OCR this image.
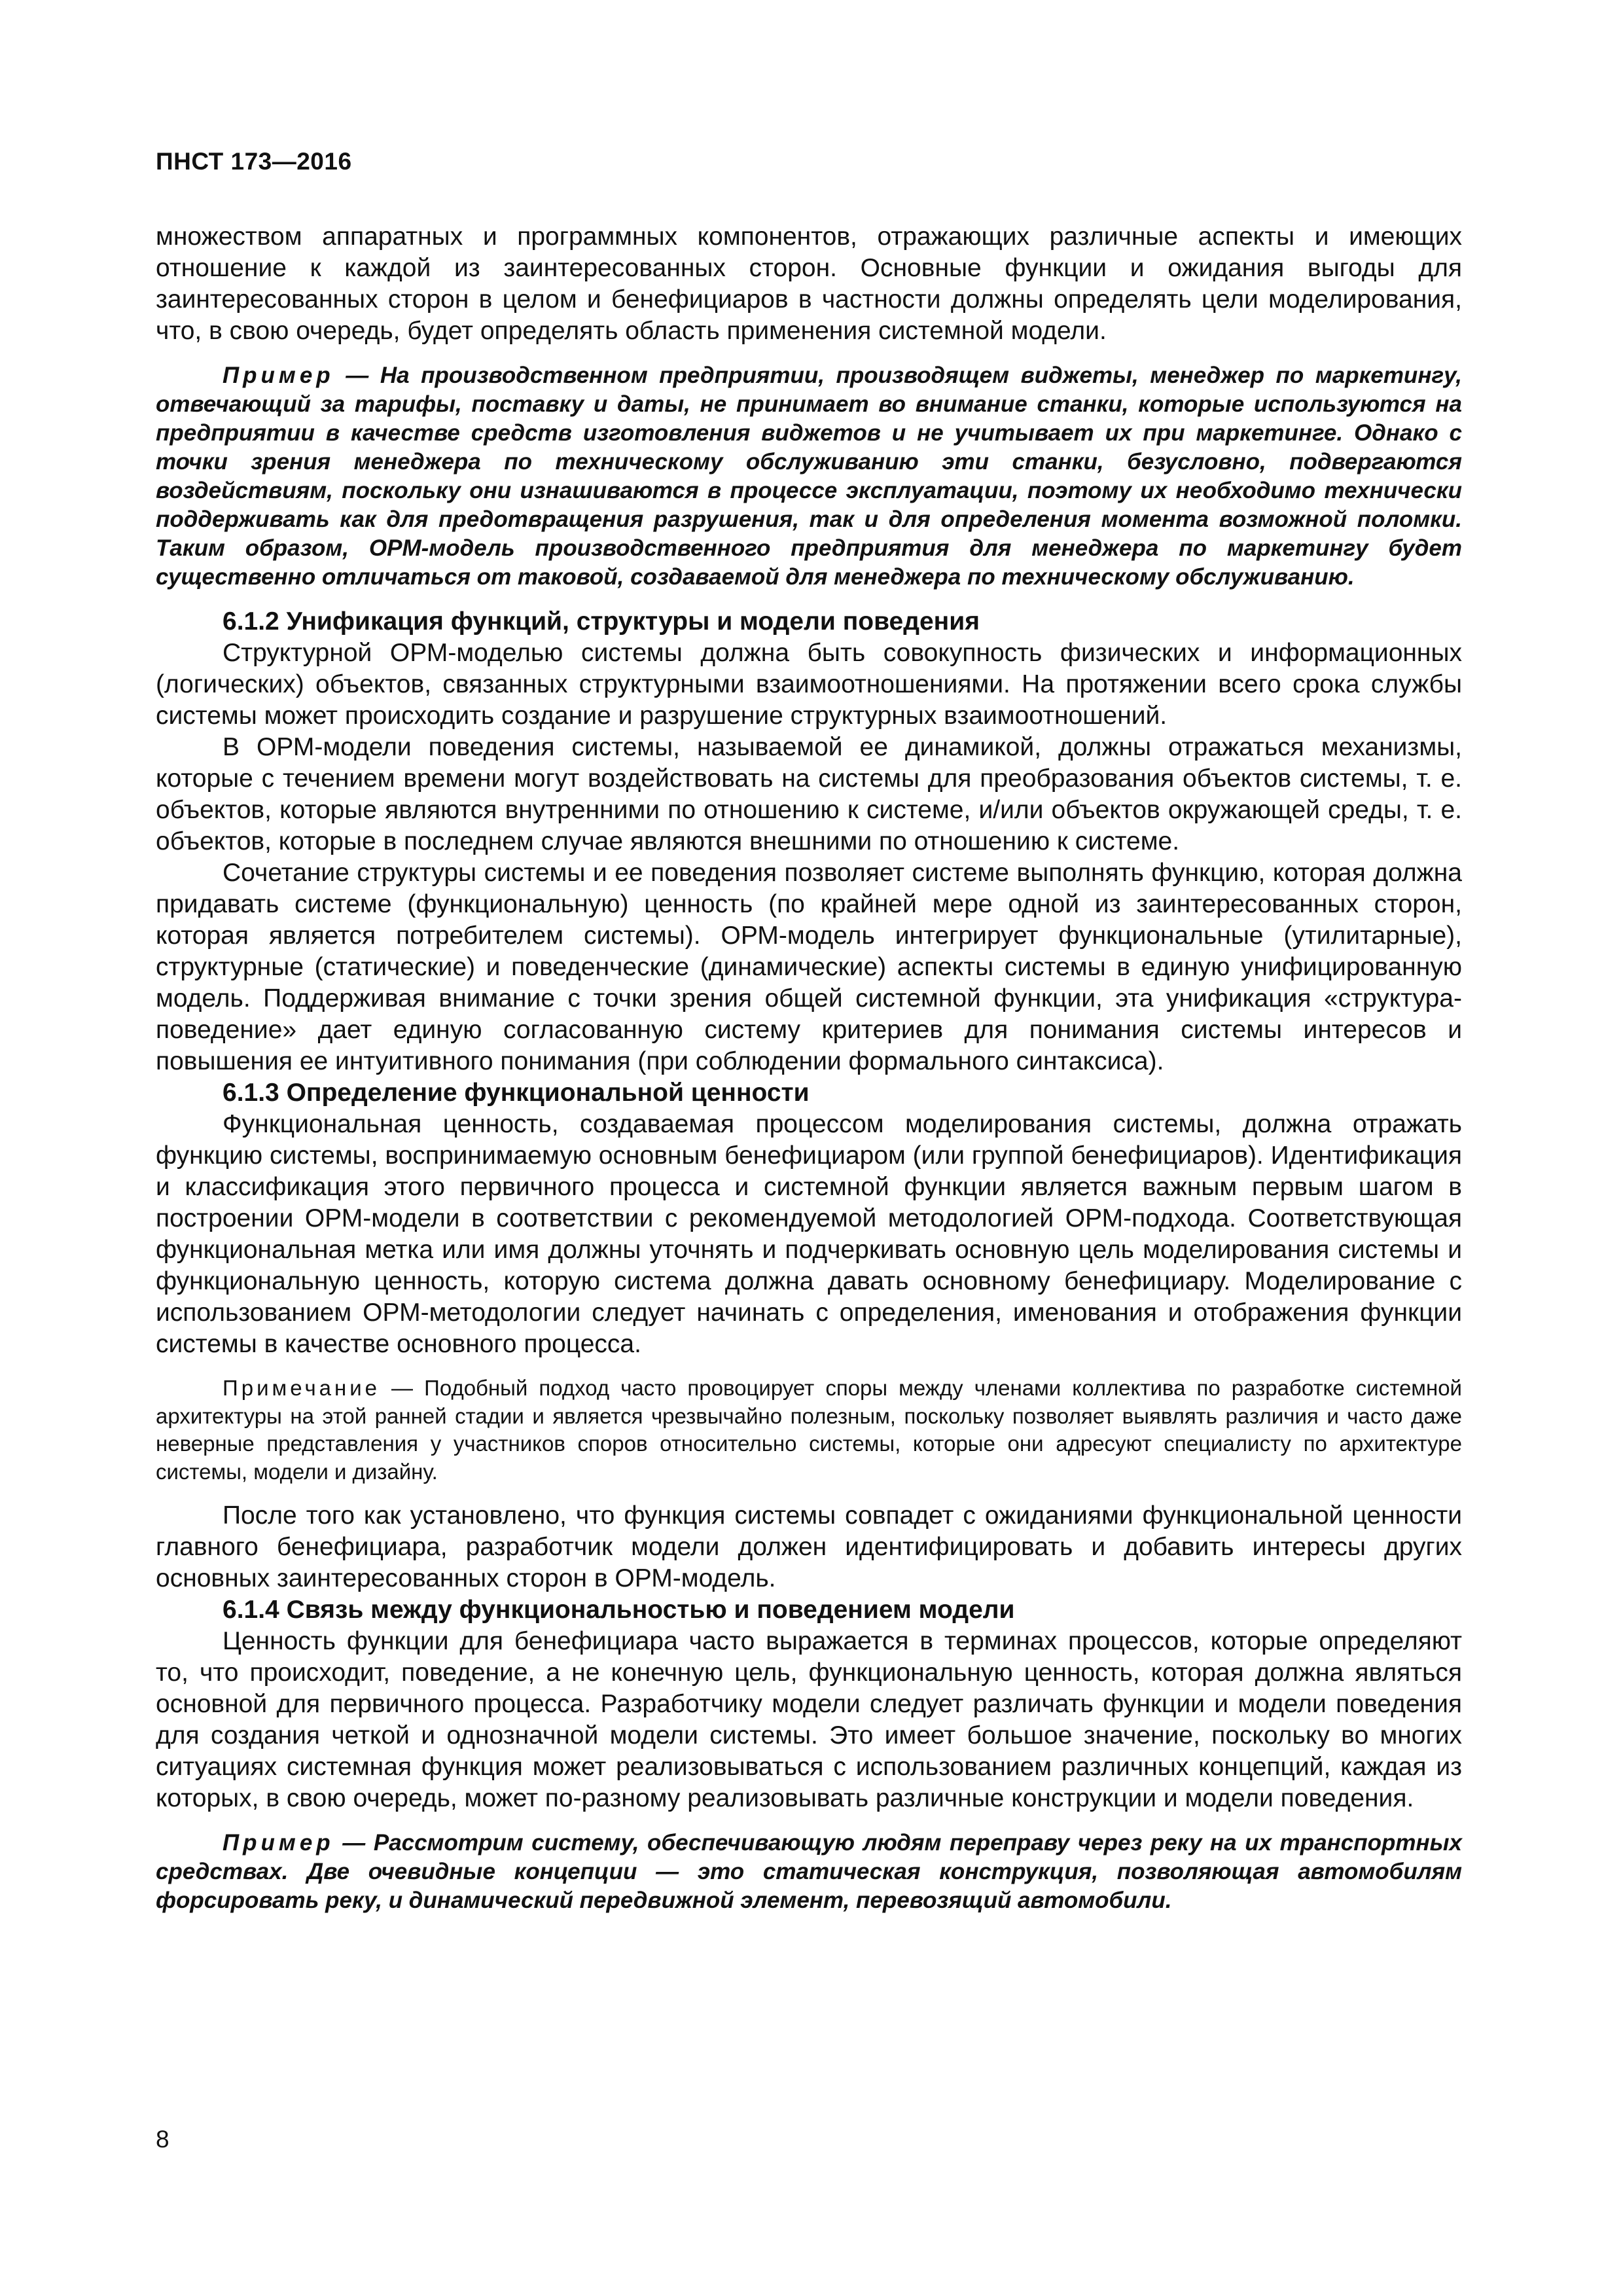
ПНСТ 173—2016

множеством аппаратных и программных компонентов, отражающих различные аспекты и имеющих отношение к каждой из заинтересованных сторон. Основные функции и ожидания выгоды для заинтересованных сторон в целом и бенефициаров в частности должны определять цели моделирования, что, в свою очередь, будет определять область применения системной модели.

Пример — На производственном предприятии, производящем виджеты, менеджер по маркетингу, отвечающий за тарифы, поставку и даты, не принимает во внимание станки, которые используются на предприятии в качестве средств изготовления виджетов и не учитывает их при маркетинге. Однако с точки зрения менеджера по техническому обслуживанию эти станки, безусловно, подвергаются воздействиям, поскольку они изнашиваются в процессе эксплуатации, поэтому их необходимо технически поддерживать как для предотвращения разрушения, так и для определения момента возможной поломки. Таким образом, ОРМ-модель производственного предприятия для менеджера по маркетингу будет существенно отличаться от таковой, создаваемой для менеджера по техническому обслуживанию.

6.1.2 Унификация функций, структуры и модели поведения

Структурной ОРМ-моделью системы должна быть совокупность физических и информационных (логических) объектов, связанных структурными взаимоотношениями. На протяжении всего срока службы системы может происходить создание и разрушение структурных взаимоотношений.

В ОРМ-модели поведения системы, называемой ее динамикой, должны отражаться механизмы, которые с течением времени могут воздействовать на системы для преобразования объектов системы, т. е. объектов, которые являются внутренними по отношению к системе, и/или объектов окружающей среды, т. е. объектов, которые в последнем случае являются внешними по отношению к системе.

Сочетание структуры системы и ее поведения позволяет системе выполнять функцию, которая должна придавать системе (функциональную) ценность (по крайней мере одной из заинтересованных сторон, которая является потребителем системы). ОРМ-модель интегрирует функциональные (утилитарные), структурные (статические) и поведенческие (динамические) аспекты системы в единую унифицированную модель. Поддерживая внимание с точки зрения общей системной функции, эта унификация «структура-поведение» дает единую согласованную систему критериев для понимания системы интересов и повышения ее интуитивного понимания (при соблюдении формального синтаксиса).

6.1.3 Определение функциональной ценности

Функциональная ценность, создаваемая процессом моделирования системы, должна отражать функцию системы, воспринимаемую основным бенефициаром (или группой бенефициаров). Идентификация и классификация этого первичного процесса и системной функции является важным первым шагом в построении ОРМ-модели в соответствии с рекомендуемой методологией ОРМ-подхода. Соответствующая функциональная метка или имя должны уточнять и подчеркивать основную цель моделирования системы и функциональную ценность, которую система должна давать основному бенефициару. Моделирование с использованием ОРМ-методологии следует начинать с определения, именования и отображения функции системы в качестве основного процесса.

Примечание — Подобный подход часто провоцирует споры между членами коллектива по разработке системной архитектуры на этой ранней стадии и является чрезвычайно полезным, поскольку позволяет выявлять различия и часто даже неверные представления у участников споров относительно системы, которые они адресуют специалисту по архитектуре системы, модели и дизайну.

После того как установлено, что функция системы совпадет с ожиданиями функциональной ценности главного бенефициара, разработчик модели должен идентифицировать и добавить интересы других основных заинтересованных сторон в ОРМ-модель.

6.1.4 Связь между функциональностью и поведением модели

Ценность функции для бенефициара часто выражается в терминах процессов, которые определяют то, что происходит, поведение, а не конечную цель, функциональную ценность, которая должна являться основной для первичного процесса. Разработчику модели следует различать функции и модели поведения для создания четкой и однозначной модели системы. Это имеет большое значение, поскольку во многих ситуациях системная функция может реализовываться с использованием различных концепций, каждая из которых, в свою очередь, может по-разному реализовывать различные конструкции и модели поведения.

Пример — Рассмотрим систему, обеспечивающую людям переправу через реку на их транспортных средствах. Две очевидные концепции — это статическая конструкция, позволяющая автомобилям форсировать реку, и динамический передвижной элемент, перевозящий автомобили.

8
